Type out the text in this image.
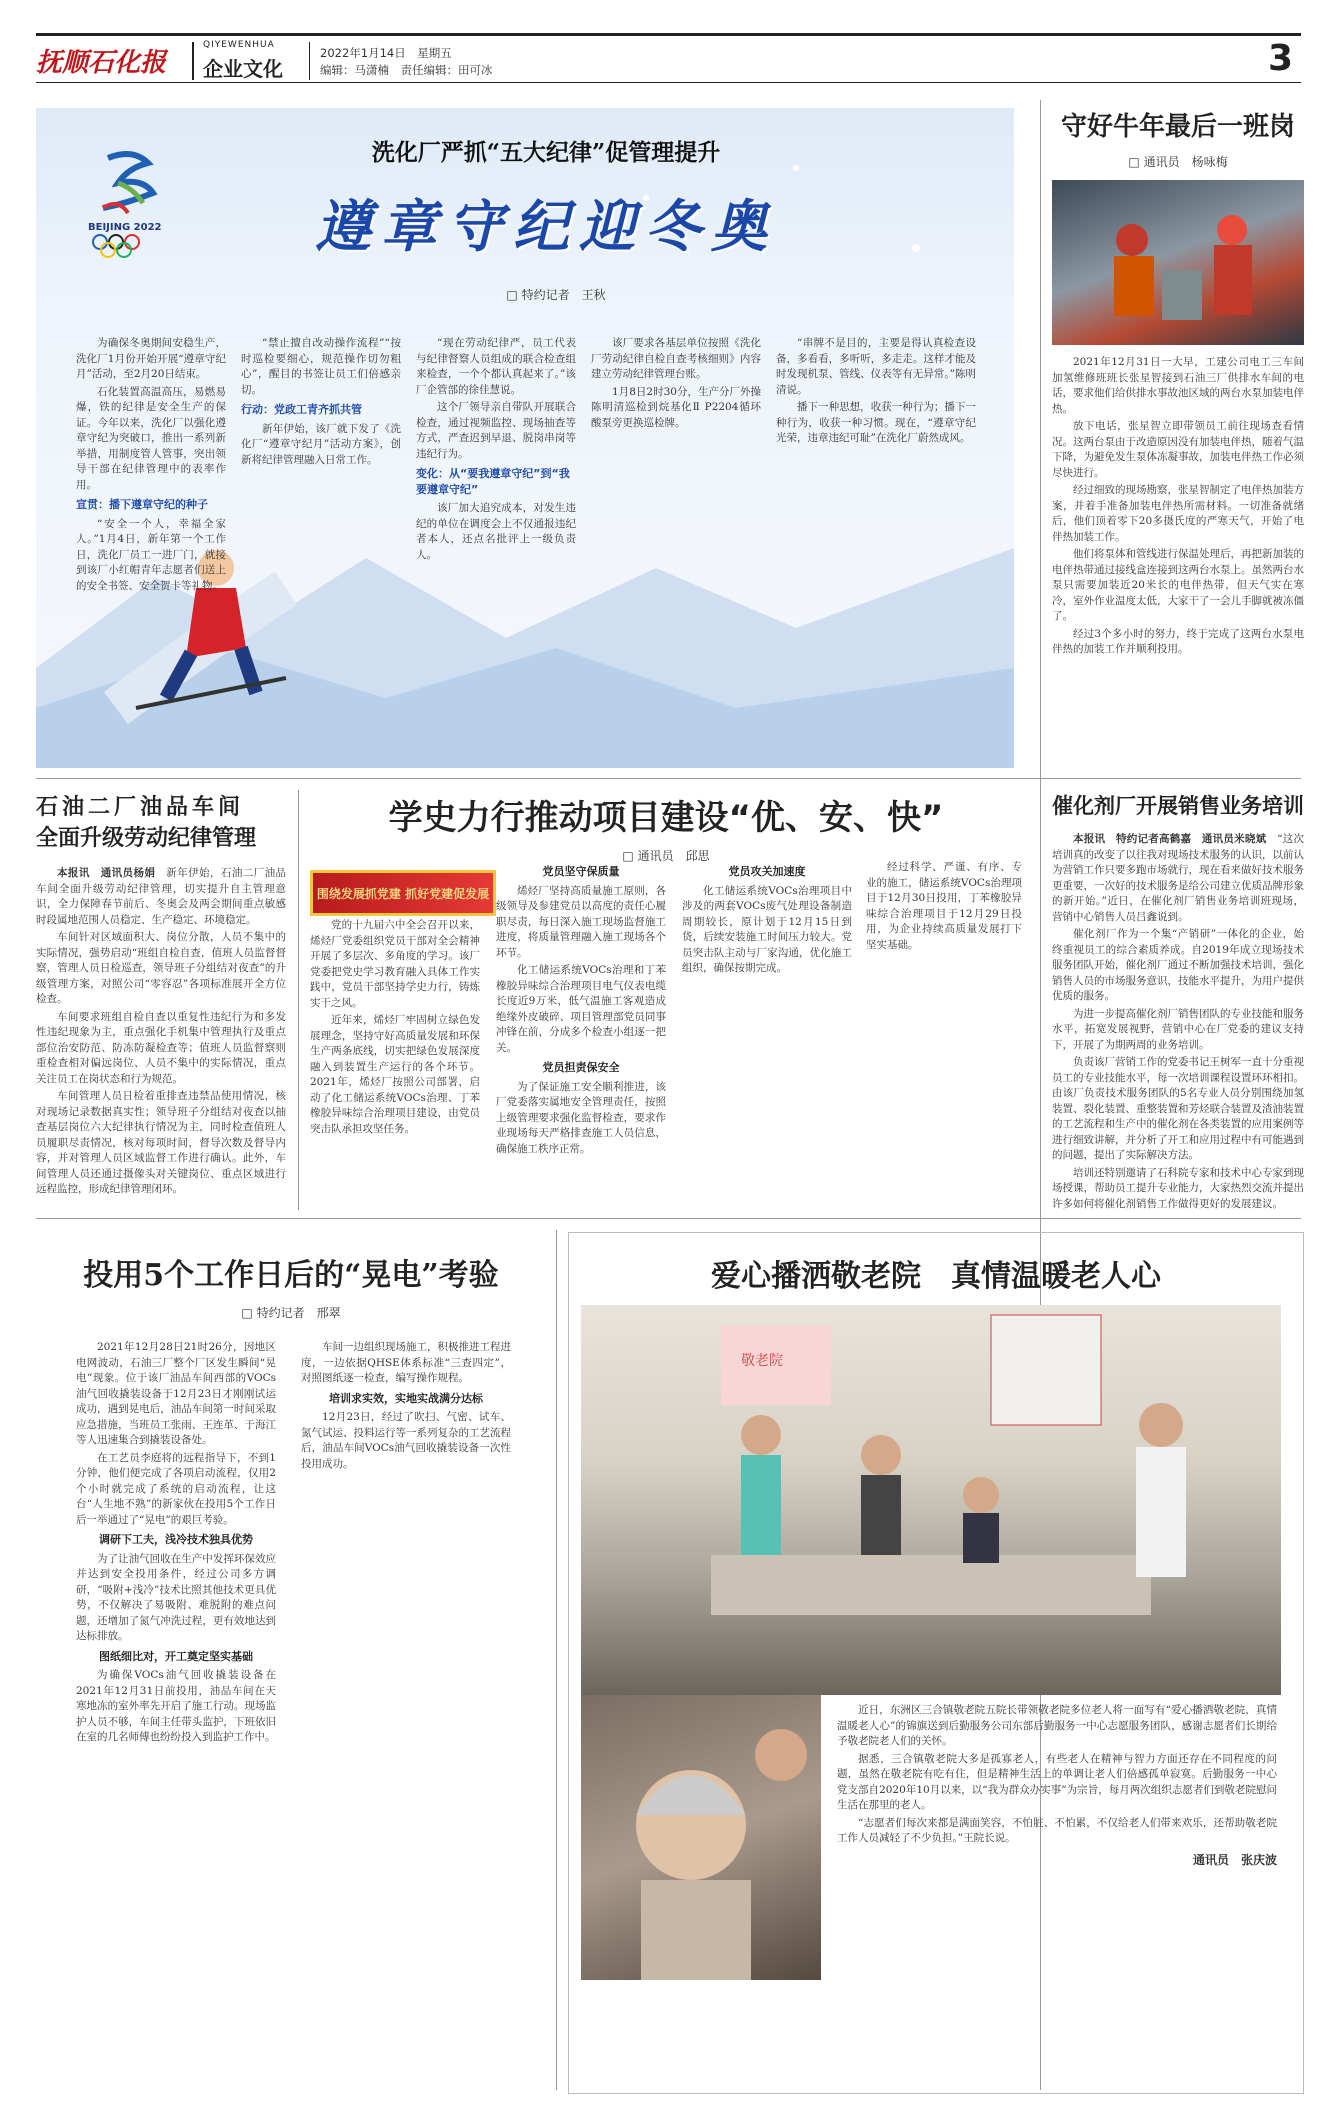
抚顺石化报
QIYEWENHUA
企业文化
2022年1月14日　 星期五
编辑：马潇楠　 责任编辑：田可冰	3
BEIJING 2022
洗化厂严抓“五大纪律”促管理提升
遵章守纪迎冬奥
□ 特约记者　王秋

为确保冬奥期间安稳生产，洗化厂1月份开始开展“遵章守纪月”活动，至2月20日结束。

石化装置高温高压，易燃易爆，铁的纪律是安全生产的保证。今年以来，洗化厂以强化遵章守纪为突破口，推出一系列新举措，用制度管人管事，突出领导干部在纪律管理中的表率作用。

宣贯：播下遵章守纪的种子

“安全一个人，幸福全家人。”1月4日，新年第一个工作日，洗化厂员工一进厂门，就接到该厂小红帽青年志愿者们送上的安全书签、安全贺卡等礼物。

“禁止擅自改动操作流程”“按时巡检要细心，规范操作切勿粗心”，醒目的书签让员工们倍感亲切。

行动：党政工青齐抓共管

新年伊始，该厂就下发了《洗化厂“遵章守纪月”活动方案》，创新将纪律管理融入日常工作。

“现在劳动纪律严，员工代表与纪律督察人员组成的联合检查组来检查，一个个都认真起来了。”该厂企管部的徐佳慧说。

这个厂领导亲自带队开展联合检查，通过视频监控、现场抽查等方式，严查迟到早退、脱岗串岗等违纪行为。

变化：从“要我遵章守纪”到“我要遵章守纪”

该厂加大追究成本，对发生违纪的单位在调度会上不仅通报违纪者本人，还点名批评上一级负责人。

该厂要求各基层单位按照《洗化厂劳动纪律自检自查考核细则》内容建立劳动纪律管理台账。

1月8日2时30分，生产分厂外操陈明清巡检到烷基化Ⅱ P2204循环酸泵旁更换巡检牌。

“串牌不是目的，主要是得认真检查设备，多看看，多听听，多走走。这样才能及时发现机泵、管线、仪表等有无异常。”陈明清说。

播下一种思想，收获一种行为；播下一种行为，收获一种习惯。现在，“遵章守纪光荣，违章违纪可耻”在洗化厂蔚然成风。

守好牛年最后一班岗
□ 通讯员　杨咏梅

2021年12月31日一大早，工建公司电工三车间加氢维修班班长张星智接到石油三厂供排水车间的电话，要求他们给供排水事故池区域的两台水泵加装电伴热。

放下电话，张星智立即带领员工前往现场查看情况。这两台泵由于改造原因没有加装电伴热，随着气温下降，为避免发生泵体冻凝事故，加装电伴热工作必须尽快进行。

经过细致的现场勘察，张星智制定了电伴热加装方案，并着手准备加装电伴热所需材料。一切准备就绪后，他们顶着零下20多摄氏度的严寒天气，开始了电伴热加装工作。

他们将泵体和管线进行保温处理后，再把新加装的电伴热带通过接线盒连接到这两台水泵上。虽然两台水泵只需要加装近20米长的电伴热带，但天气实在寒冷，室外作业温度太低，大家干了一会儿手脚就被冻僵了。

经过3个多小时的努力，终于完成了这两台水泵电伴热的加装工作并顺利投用。

石油二厂油品车间
全面升级劳动纪律管理

本报讯　通讯员杨娟　 新年伊始，石油二厂油品车间全面升级劳动纪律管理，切实提升自主管理意识，全力保障春节前后、冬奥会及两会期间重点敏感时段属地范围人员稳定、生产稳定、环境稳定。

车间针对区域面积大、岗位分散，人员不集中的实际情况，强势启动“班组自检自查，值班人员监督督察，管理人员日检巡查，领导班子分组结对夜查”的升级管理方案，对照公司“零容忍”各项标准展开全方位检查。

车间要求班组自检自查以重复性违纪行为和多发性违纪现象为主，重点强化手机集中管理执行及重点部位治安防范、防冻防凝检查等；值班人员监督察则重检查相对偏远岗位、人员不集中的实际情况，重点关注员工在岗状态和行为规范。

车间管理人员日检着重排查违禁品使用情况，核对现场记录数据真实性；领导班子分组结对夜查以抽查基层岗位六大纪律执行情况为主，同时检查值班人员履职尽责情况，核对每项时间，督导次数及督导内容，并对管理人员区域监督工作进行确认。此外，车间管理人员还通过摄像头对关键岗位、重点区域进行远程监控，形成纪律管理闭环。

学史力行推动项目建设“优、安、快”
□ 通讯员　邱思
围绕发展抓党建 抓好党建促发展

党的十九届六中全会召开以来，烯烃厂党委组织党员干部对全会精神开展了多层次、多角度的学习。该厂党委把党史学习教育融入具体工作实践中，党员干部坚持学史力行，铸炼实干之风。

近年来，烯烃厂牢固树立绿色发展理念，坚持守好高质量发展和环保生产两条底线，切实把绿色发展深度融入到装置生产运行的各个环节。2021年，烯烃厂按照公司部署，启动了化工储运系统VOCs治理、丁苯橡胶异味综合治理项目建设，由党员突击队承担攻坚任务。

党员坚守保质量

烯烃厂坚持高质量施工原则，各级领导及参建党员以高度的责任心履职尽责，每日深入施工现场监督施工进度，将质量管理融入施工现场各个环节。

化工储运系统VOCs治理和丁苯橡胶异味综合治理项目电气仪表电缆长度近9万米，低气温施工客观造成绝缘外皮破碎、项目管理部党员同事冲锋在前，分成多个检查小组逐一把关。

党员担责保安全

为了保证施工安全顺利推进，该厂党委落实属地安全管理责任，按照上级管理要求强化监督检查，要求作业现场每天严格排查施工人员信息，确保施工秩序正常。

党员攻关加速度

化工储运系统VOCs治理项目中涉及的两套VOCs废气处理设备制造周期较长，原计划于12月15日到货，后续安装施工时间压力较大。党员突击队主动与厂家沟通，优化施工组织，确保按期完成。

经过科学、严谨、有序、专业的施工，储运系统VOCs治理项目于12月30日投用，丁苯橡胶异味综合治理项目于12月29日投用，为企业持续高质量发展打下坚实基础。

催化剂厂开展销售业务培训

本报讯　特约记者高鹤嘉　通讯员米晓斌　 “这次培训真的改变了以往我对现场技术服务的认识，以前认为营销工作只要多跑市场就行，现在看来做好技术服务更重要，一次好的技术服务是给公司建立优质品牌形象的新开始。”近日，在催化剂厂销售业务培训班现场，营销中心销售人员吕鑫说到。

催化剂厂作为一个集“产销研”一体化的企业，始终重视员工的综合素质养成。自2019年成立现场技术服务团队开始，催化剂厂通过不断加强技术培训，强化销售人员的市场服务意识，技能水平提升，为用户提供优质的服务。

为进一步提高催化剂厂销售团队的专业技能和服务水平，拓宽发展视野，营销中心在厂党委的建议支持下，开展了为期两周的业务培训。

负责该厂营销工作的党委书记王树军一直十分重视员工的专业技能水平，每一次培训课程设置环环相扣。由该厂负责技术服务团队的5名专业人员分别围绕加氢装置、裂化装置、重整装置和芳烃联合装置及渣油装置的工艺流程和生产中的催化剂在各类装置的应用案例等进行细致讲解，并分析了开工和应用过程中有可能遇到的问题，提出了实际解决方法。

培训还特别邀请了石科院专家和技术中心专家到现场授课，帮助员工提升专业能力，大家热烈交流并提出许多如何将催化剂销售工作做得更好的发展建议。

投用5个工作日后的“晃电”考验
□ 特约记者　邢翠

2021年12月28日21时26分，因地区电网波动，石油三厂整个厂区发生瞬间“晃电”现象。位于该厂油品车间西部的VOCs油气回收撬装设备于12月23日才刚刚试运成功，遇到晃电后，油品车间第一时间采取应急措施，当班员工张雨、王连革、于海江等人迅速集合到撬装设备处。

在工艺员李庭将的远程指导下，不到1分钟，他们便完成了各项启动流程，仅用2个小时就完成了系统的启动流程，让这台“人生地不熟”的新家伙在投用5个工作日后一举通过了“晃电”的艰巨考验。

调研下工夫，浅冷技术独具优势

为了让油气回收在生产中发挥环保效应并达到安全投用条件，经过公司多方调研，“吸附+浅冷”技术比照其他技术更具优势，不仅解决了易吸附、难脱附的难点问题，还增加了氮气冲洗过程，更有效地达到达标排放。

图纸细比对，开工奠定坚实基础

为确保VOCs油气回收撬装设备在2021年12月31日前投用，油品车间在天寒地冻的室外率先开启了施工行动。现场监护人员不够，车间主任带头监护，下班依旧在室的几名师傅也纷纷投入到监护工作中。

车间一边组织现场施工，积极推进工程进度，一边依据QHSE体系标准“三查四定”，对照图纸逐一检查，编写操作规程。

培训求实效，实地实战满分达标

12月23日，经过了吹扫、气密、试车、氮气试运、投料运行等一系列复杂的工艺流程后，油品车间VOCs油气回收撬装设备一次性投用成功。

爱心播洒敬老院　真情温暖老人心
敬老院

近日，东洲区三合镇敬老院五院长带领敬老院多位老人将一面写有“爱心播洒敬老院，真情温暖老人心”的锦旗送到后勤服务公司东部后勤服务一中心志愿服务团队，感谢志愿者们长期给予敬老院老人们的关怀。

据悉，三合镇敬老院大多是孤寡老人，有些老人在精神与智力方面还存在不同程度的问题，虽然在敬老院有吃有住，但是精神生活上的单调让老人们倍感孤单寂寞。后勤服务一中心党支部自2020年10月以来，以“我为群众办实事”为宗旨，每月两次组织志愿者们到敬老院慰问生活在那里的老人。

“志愿者们每次来都是满面笑容，不怕脏、不怕累，不仅给老人们带来欢乐，还帮助敬老院工作人员减轻了不少负担。”王院长说。

通讯员　张庆波
